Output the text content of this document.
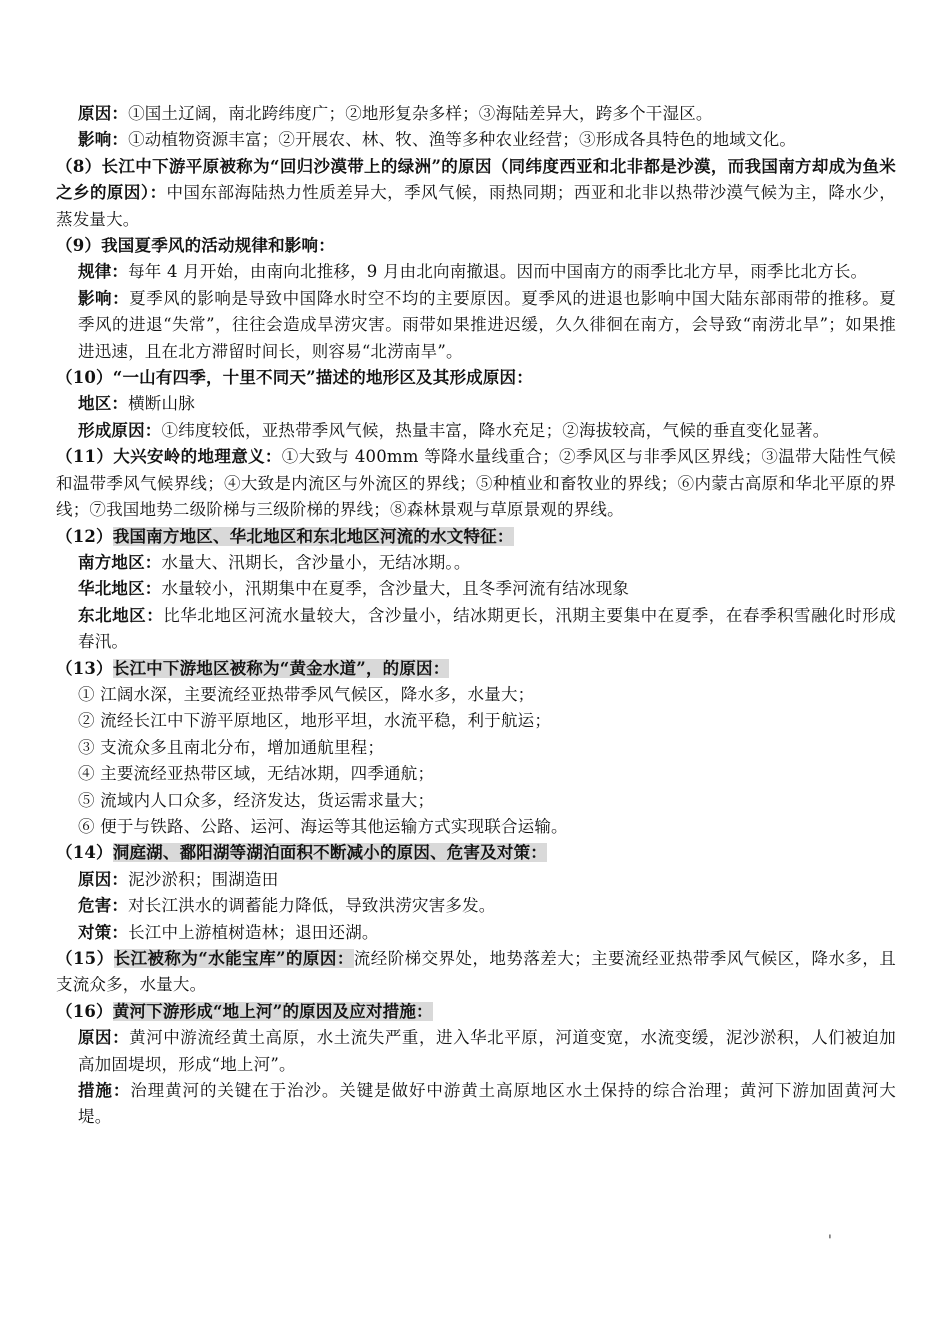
原因：①国土辽阔，南北跨纬度广；②地形复杂多样；③海陆差异大，跨多个干湿区。

影响：①动植物资源丰富；②开展农、林、牧、渔等多种农业经营；③形成各具特色的地域文化。

（8）长江中下游平原被称为“回归沙漠带上的绿洲”的原因（同纬度西亚和北非都是沙漠，而我国南方却成为鱼米之乡的原因）：中国东部海陆热力性质差异大，季风气候，雨热同期；西亚和北非以热带沙漠气候为主，降水少，蒸发量大。

（9）我国夏季风的活动规律和影响：

规律：每年 4 月开始，由南向北推移，9 月由北向南撤退。因而中国南方的雨季比北方早，雨季比北方长。

影响：夏季风的影响是导致中国降水时空不均的主要原因。夏季风的进退也影响中国大陆东部雨带的推移。夏季风的进退“失常”，往往会造成旱涝灾害。雨带如果推进迟缓，久久徘徊在南方，会导致“南涝北旱”；如果推进迅速，且在北方滞留时间长，则容易“北涝南旱”。

（10）“一山有四季，十里不同天”描述的地形区及其形成原因：

地区：横断山脉

形成原因：①纬度较低，亚热带季风气候，热量丰富，降水充足；②海拔较高，气候的垂直变化显著。

（11）大兴安岭的地理意义：①大致与 400mm 等降水量线重合；②季风区与非季风区界线；③温带大陆性气候和温带季风气候界线；④大致是内流区与外流区的界线；⑤种植业和畜牧业的界线；⑥内蒙古高原和华北平原的界线；⑦我国地势二级阶梯与三级阶梯的界线；⑧森林景观与草原景观的界线。

（12）我国南方地区、华北地区和东北地区河流的水文特征：

南方地区：水量大、汛期长，含沙量小，无结冰期。。

华北地区：水量较小，汛期集中在夏季，含沙量大，且冬季河流有结冰现象

东北地区：比华北地区河流水量较大，含沙量小，结冰期更长，汛期主要集中在夏季，在春季积雪融化时形成春汛。

（13）长江中下游地区被称为“黄金水道”，的原因：

① 江阔水深，主要流经亚热带季风气候区，降水多，水量大；

② 流经长江中下游平原地区，地形平坦，水流平稳，利于航运；

③ 支流众多且南北分布，增加通航里程；

④ 主要流经亚热带区域，无结冰期，四季通航；

⑤ 流域内人口众多，经济发达，货运需求量大；

⑥ 便于与铁路、公路、运河、海运等其他运输方式实现联合运输。

（14）洞庭湖、鄱阳湖等湖泊面积不断减小的原因、危害及对策：

原因：泥沙淤积；围湖造田

危害：对长江洪水的调蓄能力降低，导致洪涝灾害多发。

对策：长江中上游植树造林；退田还湖。

（15）长江被称为“水能宝库”的原因：流经阶梯交界处，地势落差大；主要流经亚热带季风气候区，降水多，且支流众多，水量大。

（16）黄河下游形成“地上河”的原因及应对措施：

原因：黄河中游流经黄土高原，水土流失严重，进入华北平原，河道变宽，水流变缓，泥沙淤积，人们被迫加高加固堤坝，形成“地上河”。

措施：治理黄河的关键在于治沙。关键是做好中游黄土高原地区水土保持的综合治理；黄河下游加固黄河大堤。

'
